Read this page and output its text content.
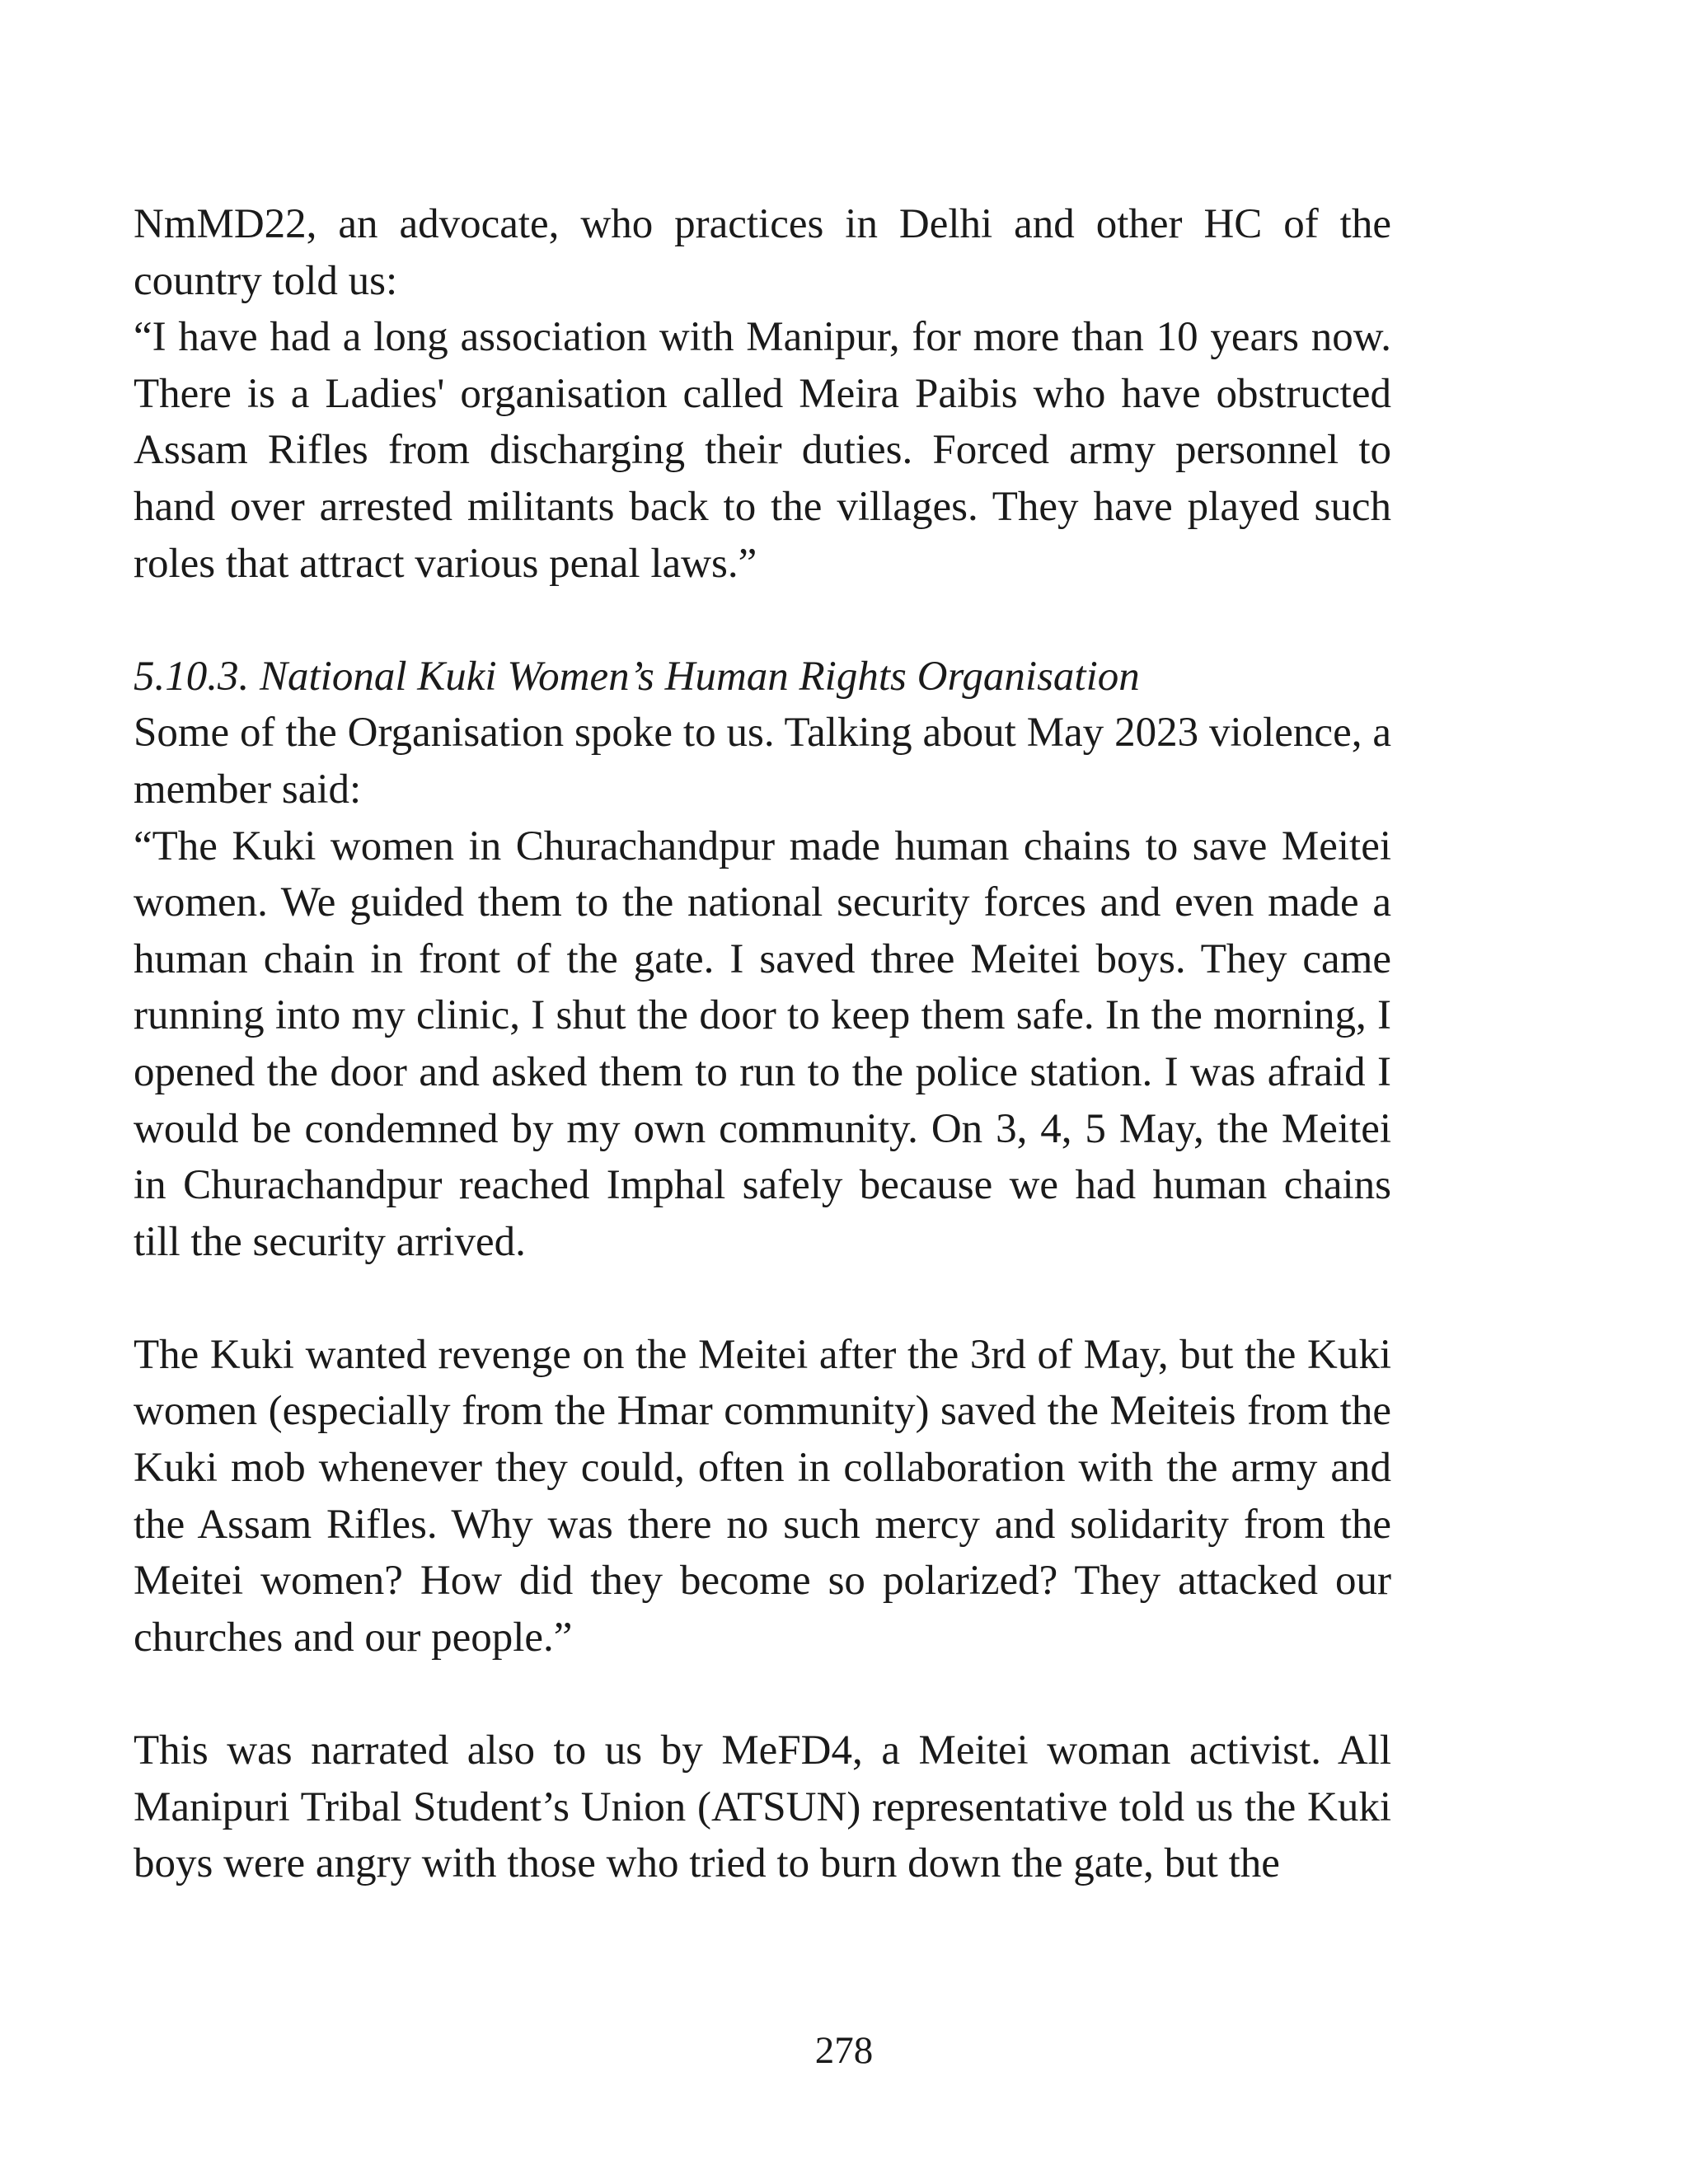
NmMD22, an advocate, who practices in Delhi and other HC of the country told us:

“I have had a long association with Manipur, for more than 10 years now. There is a Ladies' organisation called Meira Paibis who have obstructed Assam Rifles from discharging their duties. Forced army personnel to hand over arrested militants back to the villages. They have played such roles that attract various penal laws.”

5.10.3. National Kuki Women’s Human Rights Organisation

Some of the Organisation spoke to us. Talking about May 2023 violence, a member said:

“The Kuki women in Churachandpur made human chains to save Meitei women. We guided them to the national security forces and even made a human chain in front of the gate. I saved three Meitei boys. They came running into my clinic, I shut the door to keep them safe. In the morning, I opened the door and asked them to run to the police station. I was afraid I would be condemned by my own community. On 3, 4, 5 May, the Meitei in Churachandpur reached Imphal safely because we had human chains till the security arrived.

The Kuki wanted revenge on the Meitei after the 3rd of May, but the Kuki women (especially from the Hmar community) saved the Meiteis from the Kuki mob whenever they could, often in collaboration with the army and the Assam Rifles. Why was there no such mercy and solidarity from the Meitei women? How did they become so polarized? They attacked our churches and our people.”

This was narrated also to us by MeFD4, a Meitei woman activist. All Manipuri Tribal Student’s Union (ATSUN) representative told us the Kuki boys were angry with those who tried to burn down the gate, but the

278
